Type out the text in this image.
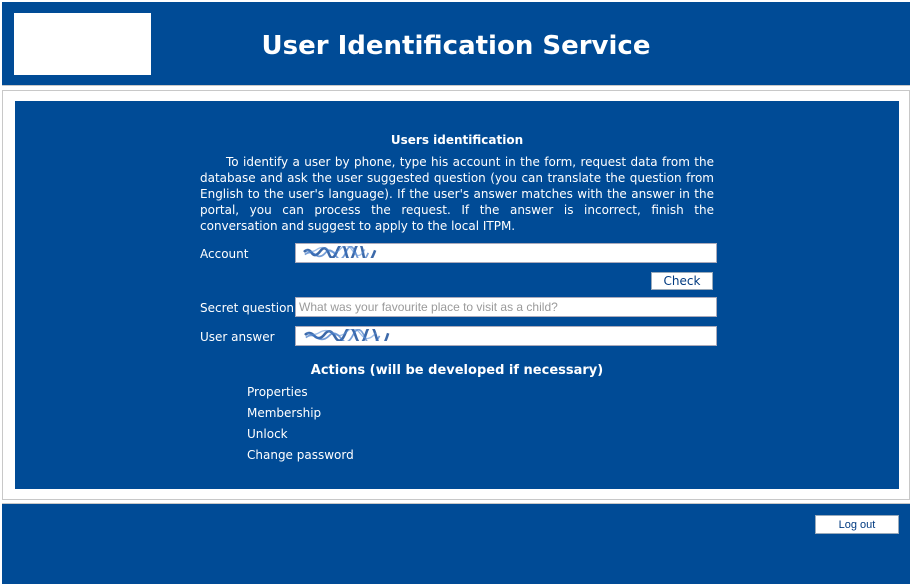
User Identification Service
Users identification

To identify a user by phone, type his account in the form, request data from the database and ask the user suggested question (you can translate the question from English to the user's language). If the user's answer matches with the answer in the portal, you can process the request. If the answer is incorrect, finish the conversation and suggest to apply to the local ITPM.

Account
Check
Secret question
What was your favourite place to visit as a child?
User answer
Actions (will be developed if necessary)
Properties
Membership
Unlock
Change password
Log out
